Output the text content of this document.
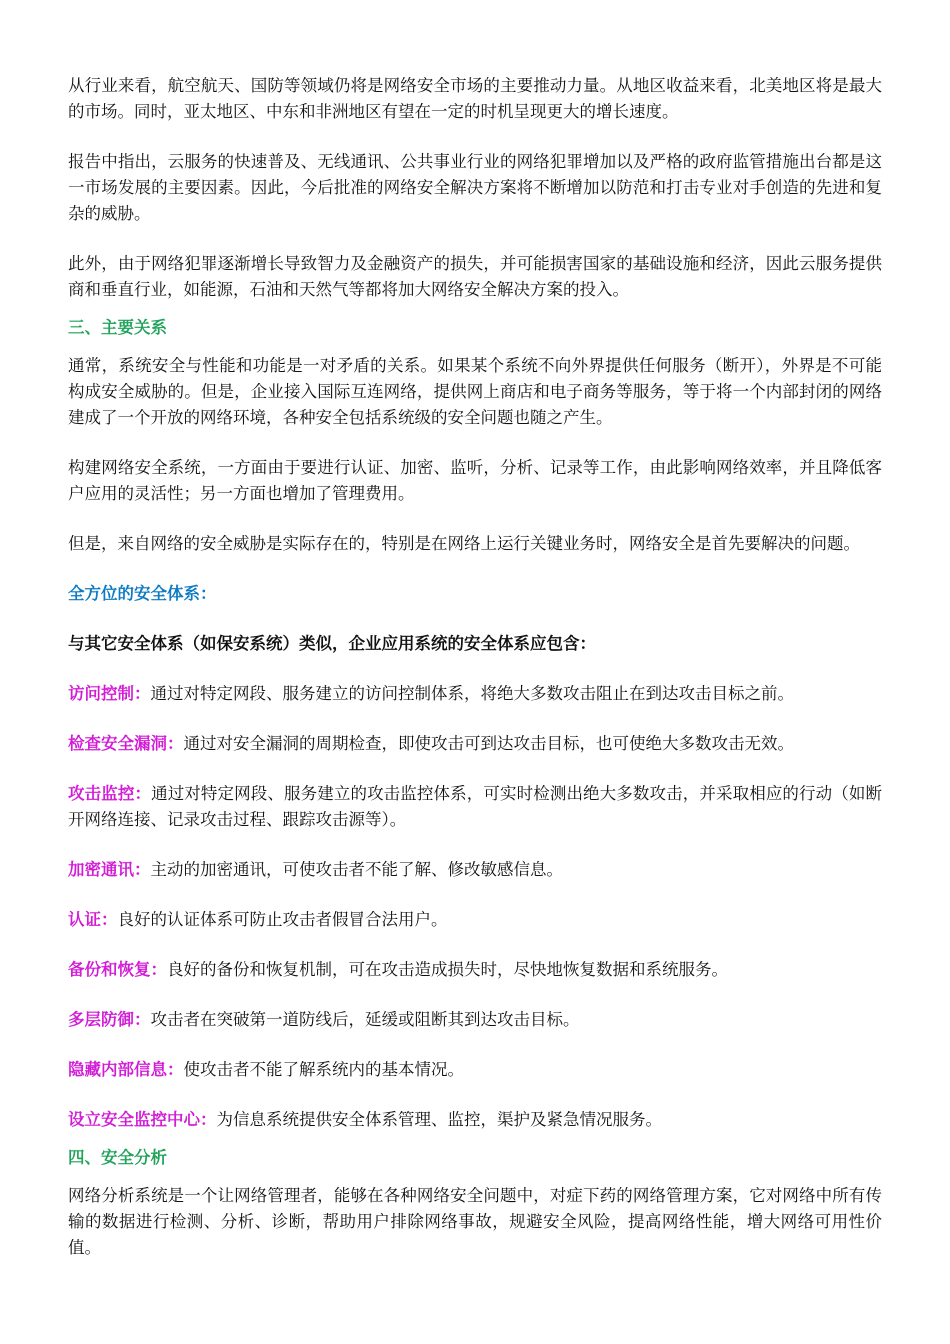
从行业来看，航空航天、国防等领域仍将是网络安全市场的主要推动力量。从地区收益来看，北美地区将是最大的市场。同时，亚太地区、中东和非洲地区有望在一定的时机呈现更大的增长速度。

报告中指出，云服务的快速普及、无线通讯、公共事业行业的网络犯罪增加以及严格的政府监管措施出台都是这一市场发展的主要因素。因此，今后批准的网络安全解决方案将不断增加以防范和打击专业对手创造的先进和复杂的威胁。

此外，由于网络犯罪逐渐增长导致智力及金融资产的损失，并可能损害国家的基础设施和经济，因此云服务提供商和垂直行业，如能源，石油和天然气等都将加大网络安全解决方案的投入。

三、主要关系

通常，系统安全与性能和功能是一对矛盾的关系。如果某个系统不向外界提供任何服务（断开），外界是不可能构成安全威胁的。但是，企业接入国际互连网络，提供网上商店和电子商务等服务，等于将一个内部封闭的网络建成了一个开放的网络环境，各种安全包括系统级的安全问题也随之产生。

构建网络安全系统，一方面由于要进行认证、加密、监听，分析、记录等工作，由此影响网络效率，并且降低客户应用的灵活性；另一方面也增加了管理费用。

但是，来自网络的安全威胁是实际存在的，特别是在网络上运行关键业务时，网络安全是首先要解决的问题。

全方位的安全体系：

与其它安全体系（如保安系统）类似，企业应用系统的安全体系应包含：

访问控制：通过对特定网段、服务建立的访问控制体系，将绝大多数攻击阻止在到达攻击目标之前。

检查安全漏洞：通过对安全漏洞的周期检查，即使攻击可到达攻击目标，也可使绝大多数攻击无效。

攻击监控：通过对特定网段、服务建立的攻击监控体系，可实时检测出绝大多数攻击，并采取相应的行动（如断开网络连接、记录攻击过程、跟踪攻击源等）。

加密通讯：主动的加密通讯，可使攻击者不能了解、修改敏感信息。

认证：良好的认证体系可防止攻击者假冒合法用户。

备份和恢复：良好的备份和恢复机制，可在攻击造成损失时，尽快地恢复数据和系统服务。

多层防御：攻击者在突破第一道防线后，延缓或阻断其到达攻击目标。

隐藏内部信息：使攻击者不能了解系统内的基本情况。

设立安全监控中心：为信息系统提供安全体系管理、监控，渠护及紧急情况服务。

四、安全分析

网络分析系统是一个让网络管理者，能够在各种网络安全问题中，对症下药的网络管理方案，它对网络中所有传输的数据进行检测、分析、诊断，帮助用户排除网络事故，规避安全风险，提高网络性能，增大网络可用性价值。
